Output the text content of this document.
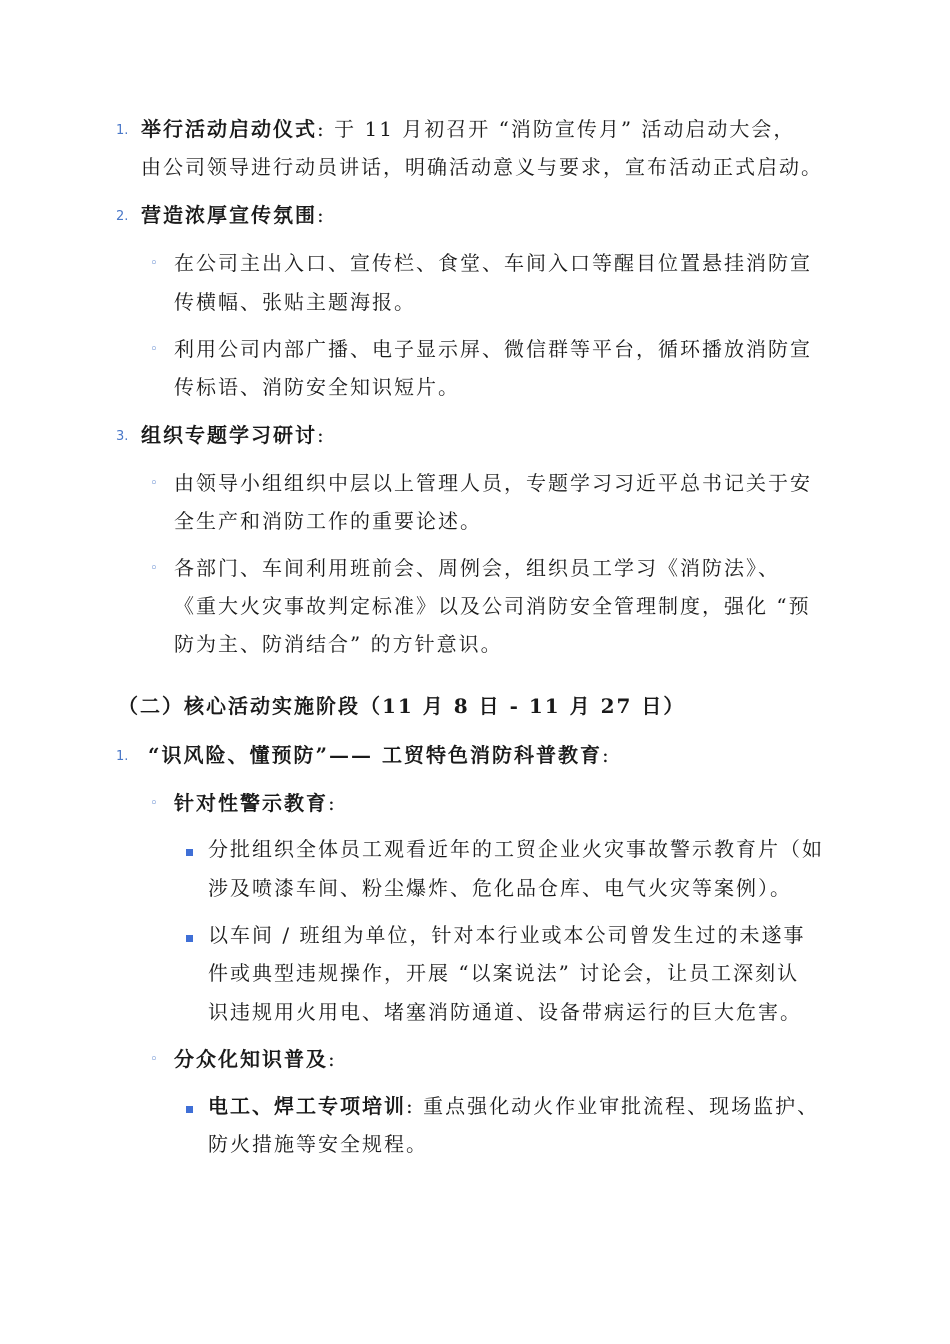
1. 举行活动启动仪式: 于 11 月初召开 “消防宣传月” 活动启动大会，
由公司领导进行动员讲话，明确活动意义与要求，宣布活动正式启动。
2. 营造浓厚宣传氛围:
◦ 在公司主出入口、宣传栏、食堂、车间入口等醒目位置悬挂消防宣
传横幅、张贴主题海报。
◦ 利用公司内部广播、电子显示屏、微信群等平台，循环播放消防宣
传标语、消防安全知识短片。
3. 组织专题学习研讨:
◦ 由领导小组组织中层以上管理人员，专题学习习近平总书记关于安
全生产和消防工作的重要论述。
◦ 各部门、车间利用班前会、周例会，组织员工学习《消防法》、
《重大火灾事故判定标准》以及公司消防安全管理制度，强化 “预
防为主、防消结合” 的方针意识。
（二）核心活动实施阶段（11 月 8 日 - 11 月 27 日）
1. “识风险、懂预防”—— 工贸特色消防科普教育:
◦ 针对性警示教育:
分批组织全体员工观看近年的工贸企业火灾事故警示教育片（如
涉及喷漆车间、粉尘爆炸、危化品仓库、电气火灾等案例）。
以车间 / 班组为单位，针对本行业或本公司曾发生过的未遂事
件或典型违规操作，开展 “以案说法” 讨论会，让员工深刻认
识违规用火用电、堵塞消防通道、设备带病运行的巨大危害。
◦ 分众化知识普及:
电工、焊工专项培训: 重点强化动火作业审批流程、现场监护、
防火措施等安全规程。
